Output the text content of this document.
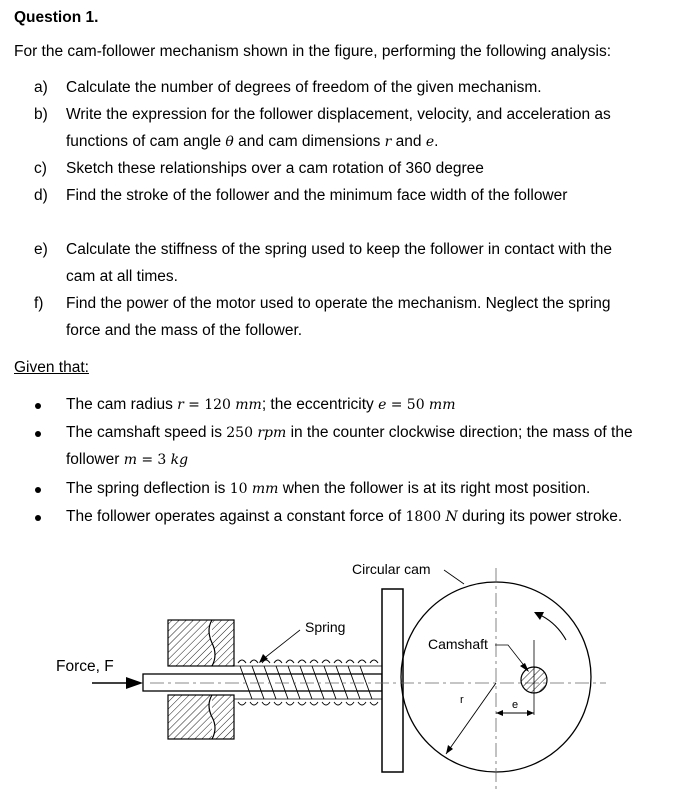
Question 1.
For the cam-follower mechanism shown in the figure, performing the following analysis:
a) Calculate the number of degrees of freedom of the given mechanism.
b) Write the expression for the follower displacement, velocity, and acceleration as
functions of cam angle θ and cam dimensions r and e.
c) Sketch these relationships over a cam rotation of 360 degree
d) Find the stroke of the follower and the minimum face width of the follower
e) Calculate the stiffness of the spring used to keep the follower in contact with the
cam at all times.
f) Find the power of the motor used to operate the mechanism. Neglect the spring
force and the mass of the follower.
Given that:
The cam radius r = 120 mm; the eccentricity e = 50 mm
The camshaft speed is 250 rpm in the counter clockwise direction; the mass of the
follower m = 3 kg
The spring deflection is 10 mm when the follower is at its right most position.
The follower operates against a constant force of 1800 N during its power stroke.
e
r
Force, F
Spring
Circular cam
Camshaft
